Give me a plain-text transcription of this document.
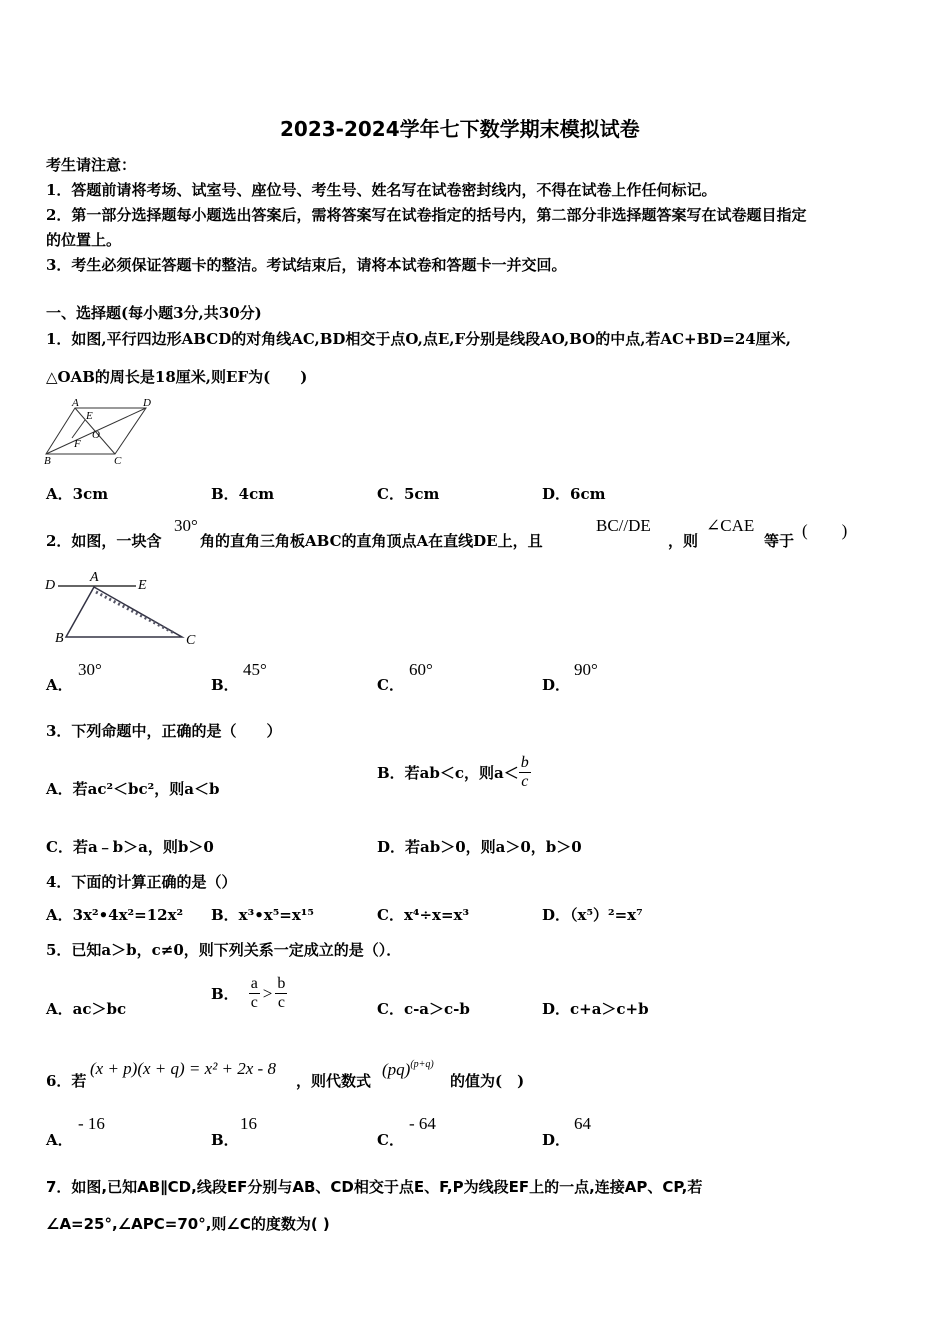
2023-2024学年七下数学期末模拟试卷
考生请注意：
1．答题前请将考场、试室号、座位号、考生号、姓名写在试卷密封线内，不得在试卷上作任何标记。
2．第一部分选择题每小题选出答案后，需将答案写在试卷指定的括号内，第二部分非选择题答案写在试卷题目指定
的位置上。
3．考生必须保证答题卡的整洁。考试结束后，请将本试卷和答题卡一并交回。
一、选择题(每小题3分,共30分)
1．如图,平行四边形ABCD的对角线AC,BD相交于点O,点E,F分别是线段AO,BO的中点,若AC+BD=24厘米,
△OAB的周长是18厘米,则EF为(　　)
A	D
E
O
F
B	C
A．3cm	B．4cm	C．5cm	D．6cm
2．如图，一块含
30°
角的直角三角板ABC的直角顶点A在直线DE上，且
BC//DE
，则
∠CAE
等于
(　　)
D
A
E
B	C
A．
30°
B．
45°
C．
60°
D．
90°
3．下列命题中，正确的是（　　）
A．若ac²＜bc²，则a＜b
B．若ab＜c，则$a< \frac{b}{c}$
C．若a﹣b＞a，则b＞0	D．若ab＞0，则a＞0，b＞0
4．下面的计算正确的是（）
A．3x²•4x²=12x² B．x³•x⁵=x¹⁵	C．x⁴÷x=x³	D．（x⁵）²=x⁷
5．已知a＞b，c≠0，则下列关系一定成立的是（）．
A．ac＞bc
B． $\frac{a}{c} > \frac{b}{c}$	C．c-a＞c-b	D．c+a＞c+b
6．若
(x + p)(x + q) = x² + 2x - 8
，则代数式
(pq)$^{(p+q)}$
的值为(　)
A．
- 16
B．
16
C．
- 64
D．
64
7．如图,已知AB∥CD,线段EF分别与AB、CD相交于点E、F,P为线段EF上的一点,连接AP、CP,若
∠A=25°,∠APC=70°,则∠C的度数为( )
